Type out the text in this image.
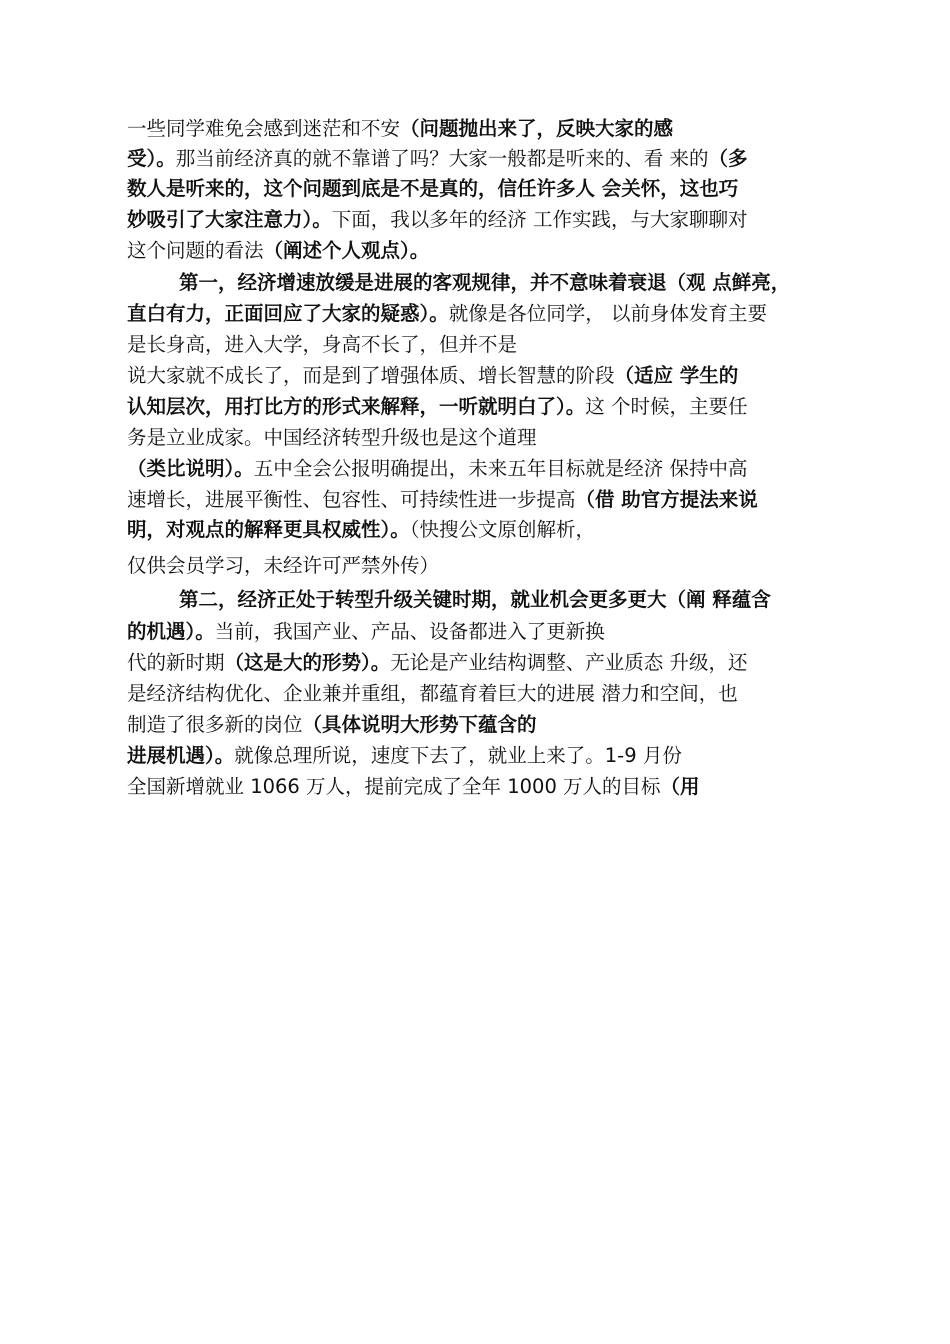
一些同学难免会感到迷茫和不安（问题抛出来了，反映大家的感
受）。那当前经济真的就不靠谱了吗？大家一般都是听来的、看 来的（多
数人是听来的，这个问题到底是不是真的，信任许多人 会关怀，这也巧
妙吸引了大家注意力）。下面，我以多年的经济 工作实践，与大家聊聊对
这个问题的看法（阐述个人观点）。
第一，经济增速放缓是进展的客观规律，并不意味着衰退（观 点鲜亮，
直白有力，正面回应了大家的疑惑）。就像是各位同学， 以前身体发育主要
是长身高，进入大学，身高不长了，但并不是
说大家就不成长了，而是到了增强体质、增长智慧的阶段（适应 学生的
认知层次，用打比方的形式来解释，一听就明白了）。这 个时候，主要任
务是立业成家。中国经济转型升级也是这个道理
（类比说明）。五中全会公报明确提出，未来五年目标就是经济 保持中高
速增长，进展平衡性、包容性、可持续性进一步提高（借 助官方提法来说
明，对观点的解释更具权威性）。（快搜公文原创解析，
仅供会员学习，未经许可严禁外传）
第二，经济正处于转型升级关键时期，就业机会更多更大（阐 释蕴含
的机遇）。当前，我国产业、产品、设备都进入了更新换
代的新时期（这是大的形势）。无论是产业结构调整、产业质态 升级，还
是经济结构优化、企业兼并重组，都蕴育着巨大的进展 潜力和空间，也
制造了很多新的岗位（具体说明大形势下蕴含的
进展机遇）。就像总理所说，速度下去了，就业上来了。1-9 月份
全国新增就业 1066 万人，提前完成了全年 1000 万人的目标（用
